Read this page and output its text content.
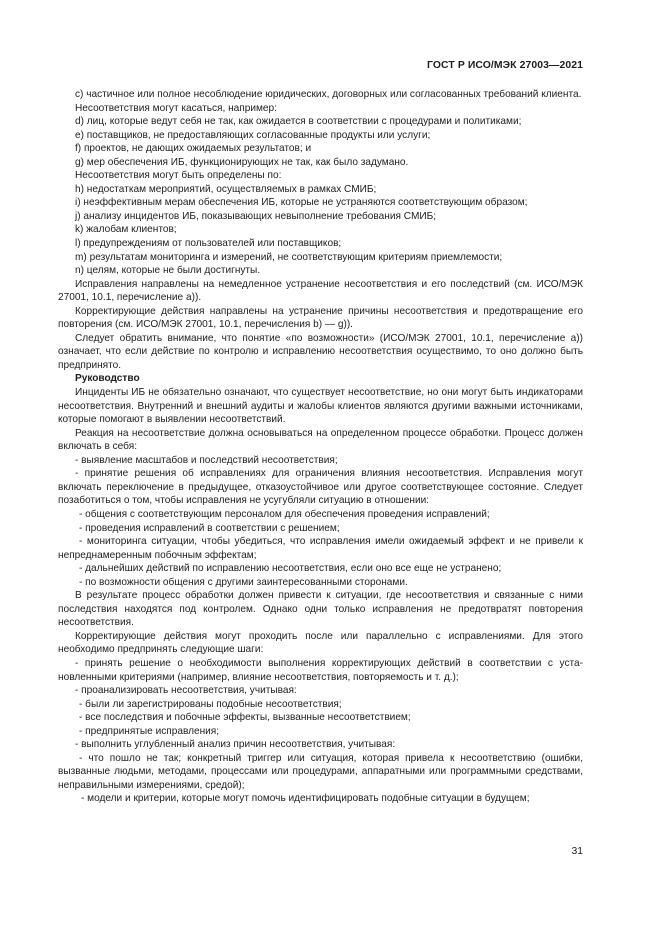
ГОСТ Р ИСО/МЭК 27003—2021

c) частичное или полное несоблюдение юридических, договорных или согласованных требований клиента.

Несоответствия могут касаться, например:

d) лиц, которые ведут себя не так, как ожидается в соответствии с процедурами и политиками;

e) поставщиков, не предоставляющих согласованные продукты или услуги;

f) проектов, не дающих ожидаемых результатов; и

g) мер обеспечения ИБ, функционирующих не так, как было задумано.

Несоответствия могут быть определены по:

h) недостаткам мероприятий, осуществляемых в рамках СМИБ;

i) неэффективным мерам обеспечения ИБ, которые не устраняются соответствующим образом;

j) анализу инцидентов ИБ, показывающих невыполнение требования СМИБ;

k) жалобам клиентов;

l) предупреждениям от пользователей или поставщиков;

m) результатам мониторинга и измерений, не соответствующим критериям приемлемости;

n) целям, которые не были достигнуты.

Исправления направлены на немедленное устранение несоответствия и его последствий (см. ИСО/МЭК 27001, 10.1, перечисление а)).

Корректирующие действия направлены на устранение причины несоответствия и предотвращение его повторения (см. ИСО/МЭК 27001, 10.1, перечисления b) — g)).

Следует обратить внимание, что понятие «по возможности» (ИСО/МЭК 27001, 10.1, перечисление а)) означает, что если действие по контролю и исправлению несоответствия осуществимо, то оно должно быть предпринято.

Руководство

Инциденты ИБ не обязательно означают, что существует несоответствие, но они могут быть индикаторами несоответствия. Внутренний и внешний аудиты и жалобы клиентов являются другими важными источниками, которые помогают в выявлении несоответствий.

Реакция на несоответствие должна основываться на определенном процессе обработки. Процесс должен включать в себя:

- выявление масштабов и последствий несоответствия;

- принятие решения об исправлениях для ограничения влияния несоответствия. Исправления могут включать переключение в предыдущее, отказоустойчивое или другое соответствующее состояние. Следует позаботиться о том, чтобы исправления не усугубляли ситуацию в отношении:

- общения с соответствующим персоналом для обеспечения проведения исправлений;

- проведения исправлений в соответствии с решением;

- мониторинга ситуации, чтобы убедиться, что исправления имели ожидаемый эффект и не привели к непреднамеренным побочным эффектам;

- дальнейших действий по исправлению несоответствия, если оно все еще не устранено;

- по возможности общения с другими заинтересованными сторонами.

В результате процесс обработки должен привести к ситуации, где несоответствия и связанные с ними последствия находятся под контролем. Однако одни только исправления не предотвратят повторения несоответствия.

Корректирующие действия могут проходить после или параллельно с исправлениями. Для этого необходимо предпринять следующие шаги:

- принять решение о необходимости выполнения корректирующих действий в соответствии с установленными критериями (например, влияние несоответствия, повторяемость и т. д.);

- проанализировать несоответствия, учитывая:

- были ли зарегистрированы подобные несоответствия;

- все последствия и побочные эффекты, вызванные несоответствием;

- предпринятые исправления;

- выполнить углубленный анализ причин несоответствия, учитывая:

- что пошло не так; конкретный триггер или ситуация, которая привела к несоответствию (ошибки, вызванные людьми, методами, процессами или процедурами, аппаратными или программными средствами, неправильными измерениями, средой);

- модели и критерии, которые могут помочь идентифицировать подобные ситуации в будущем;

31
